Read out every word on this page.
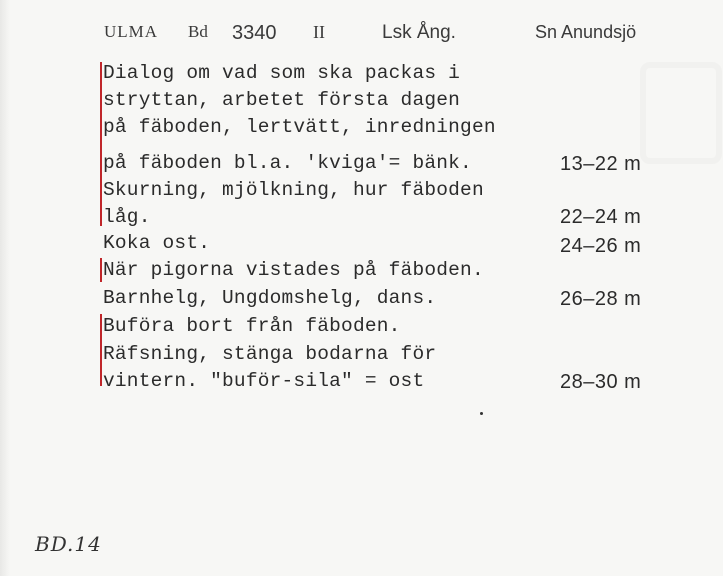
ULMA Bd 3340 II	Lsk Ång.	Sn Anundsjö
Dialog om vad som ska packas i
stryttan, arbetet första dagen
på fäboden, lertvätt, inredningen
på fäboden bl.a. 'kviga'= bänk.
Skurning, mjölkning, hur fäboden
låg.
Koka ost.
När pigorna vistades på fäboden.
Barnhelg, Ungdomshelg, dans.
Buföra bort från fäboden.
Räfsning, stänga bodarna för
vintern. "buför-sila" = ost
13–22 m
22–24 m
24–26 m
26–28 m
28–30 m
BD.14
